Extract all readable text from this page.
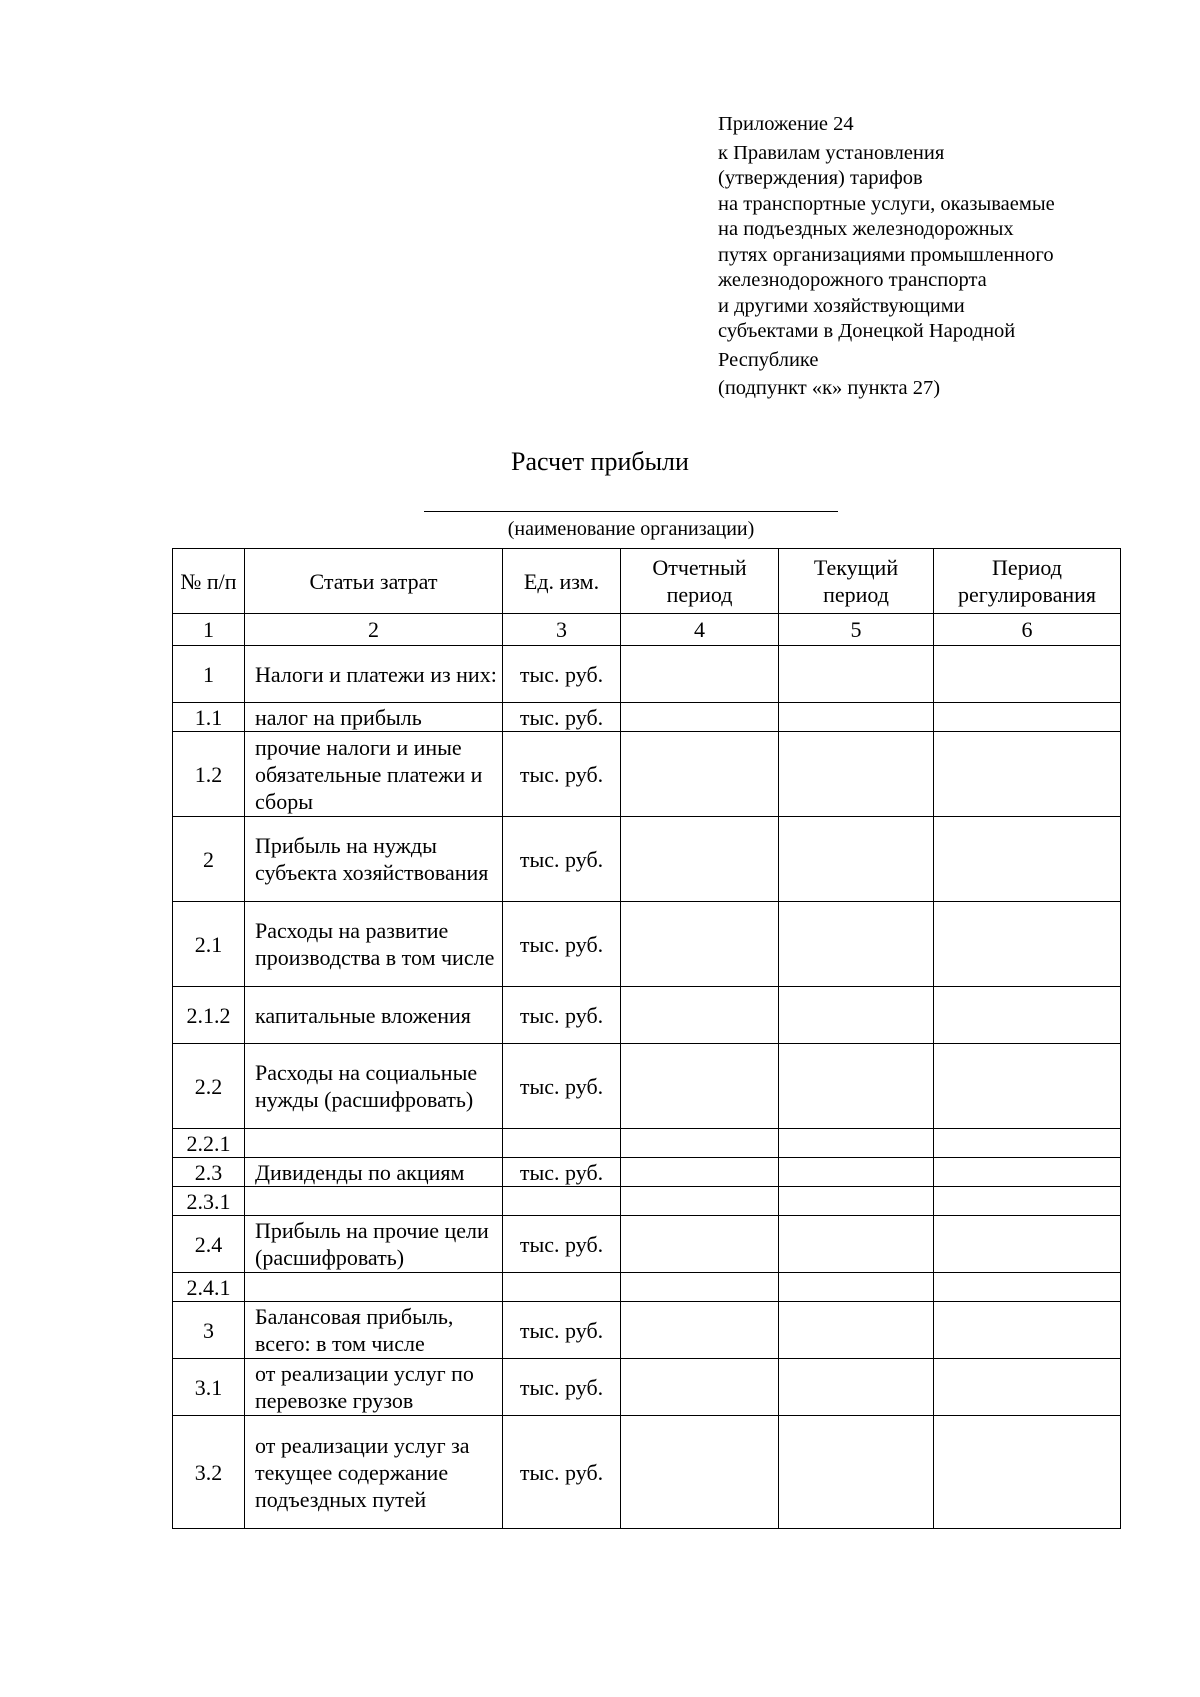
Приложение 24
к Правилам установления
(утверждения) тарифов
на транспортные услуги, оказываемые
на подъездных железнодорожных
путях организациями промышленного
железнодорожного транспорта
и другими хозяйствующими
субъектами в Донецкой Народной
Республике
(подпункт «к» пункта 27)
Расчет прибыли
(наименование организации)
№ п/п	Статьи затрат	Ед. изм.	Отчетный период	Текущий период	Период регулирования
1	2	3	4	5	6
1	Налоги и платежи из них:	тыс. руб.			
1.1	налог на прибыль	тыс. руб.			
1.2	прочие налоги и иные обязательные платежи и сборы	тыс. руб.			
2	Прибыль на нужды субъекта хозяйствования	тыс. руб.			
2.1	Расходы на развитие производства в том числе	тыс. руб.			
2.1.2	капитальные вложения	тыс. руб.			
2.2	Расходы на социальные нужды (расшифровать)	тыс. руб.			
2.2.1					
2.3	Дивиденды по акциям	тыс. руб.			
2.3.1					
2.4	Прибыль на прочие цели (расшифровать)	тыс. руб.			
2.4.1					
3	Балансовая прибыль, всего: в том числе	тыс. руб.			
3.1	от реализации услуг по перевозке грузов	тыс. руб.			
3.2	от реализации услуг за текущее содержание подъездных путей	тыс. руб.			
